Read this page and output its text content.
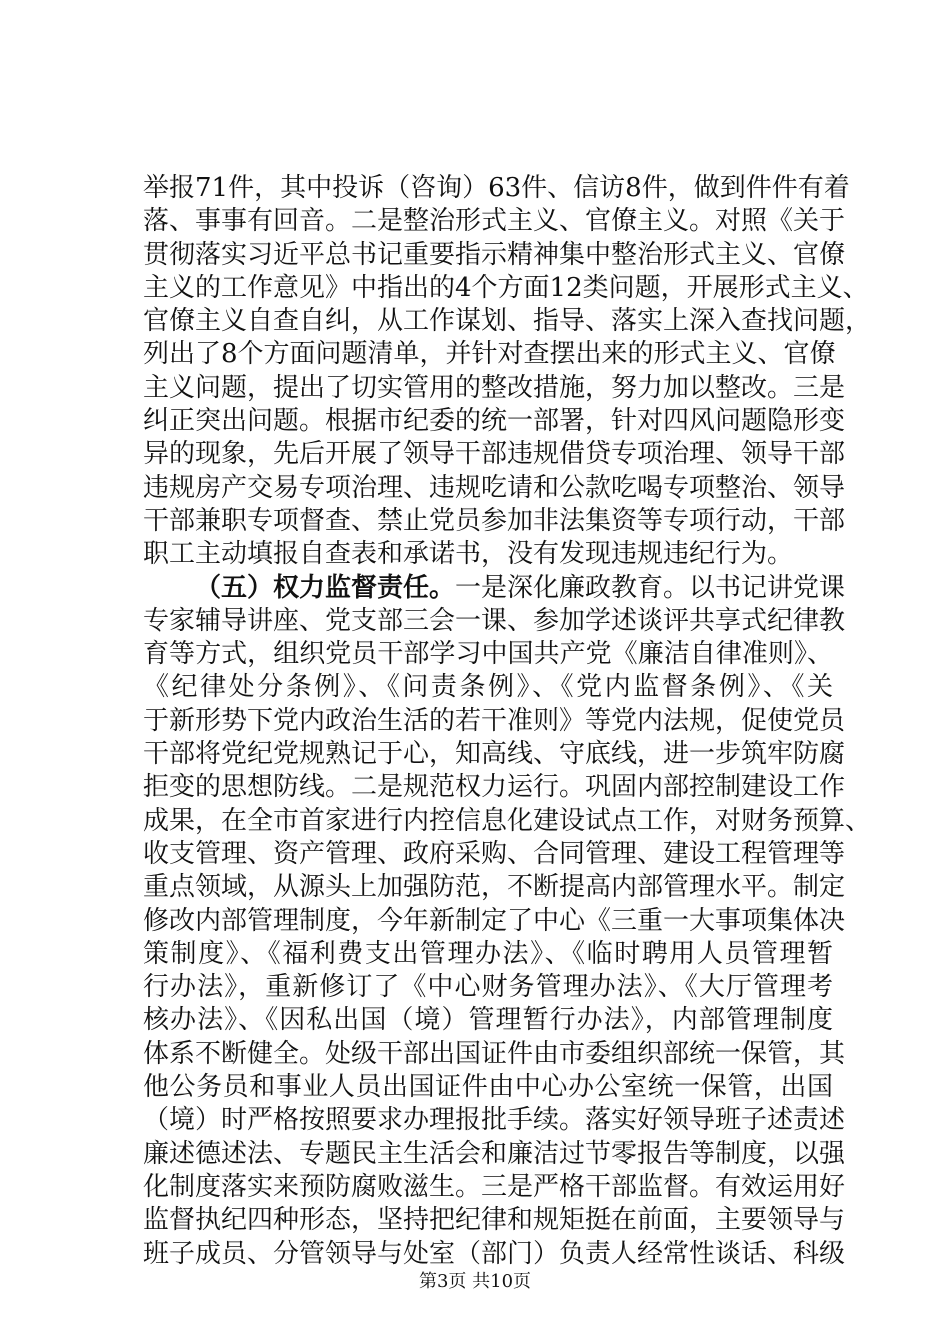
举报71件，其中投诉（咨询）63件、信访8件，做到件件有着
落、事事有回音。二是整治形式主义、官僚主义。对照《关于
贯彻落实习近平总书记重要指示精神集中整治形式主义、官僚
主义的工作意见》中指出的4个方面12类问题，开展形式主义、
官僚主义自查自纠，从工作谋划、指导、落实上深入查找问题，
列出了8个方面问题清单，并针对查摆出来的形式主义、官僚
主义问题，提出了切实管用的整改措施，努力加以整改。三是
纠正突出问题。根据市纪委的统一部署，针对四风问题隐形变
异的现象，先后开展了领导干部违规借贷专项治理、领导干部
违规房产交易专项治理、违规吃请和公款吃喝专项整治、领导
干部兼职专项督查、禁止党员参加非法集资等专项行动，干部
职工主动填报自查表和承诺书，没有发现违规违纪行为。
（五）权力监督责任。一是深化廉政教育。以书记讲党课
专家辅导讲座、党支部三会一课、参加学述谈评共享式纪律教
育等方式，组织党员干部学习中国共产党《廉洁自律准则》、
《纪律处分条例》、《问责条例》、《党内监督条例》、《关
于新形势下党内政治生活的若干准则》等党内法规，促使党员
干部将党纪党规熟记于心，知高线、守底线，进一步筑牢防腐
拒变的思想防线。二是规范权力运行。巩固内部控制建设工作
成果，在全市首家进行内控信息化建设试点工作，对财务预算、
收支管理、资产管理、政府采购、合同管理、建设工程管理等
重点领域，从源头上加强防范，不断提高内部管理水平。制定
修改内部管理制度，今年新制定了中心《三重一大事项集体决
策制度》、《福利费支出管理办法》、《临时聘用人员管理暂
行办法》，重新修订了《中心财务管理办法》、《大厅管理考
核办法》、《因私出国（境）管理暂行办法》，内部管理制度
体系不断健全。处级干部出国证件由市委组织部统一保管，其
他公务员和事业人员出国证件由中心办公室统一保管，出国
（境）时严格按照要求办理报批手续。落实好领导班子述责述
廉述德述法、专题民主生活会和廉洁过节零报告等制度，以强
化制度落实来预防腐败滋生。三是严格干部监督。有效运用好
监督执纪四种形态，坚持把纪律和规矩挺在前面，主要领导与
班子成员、分管领导与处室（部门）负责人经常性谈话、科级
第3页 共10页
